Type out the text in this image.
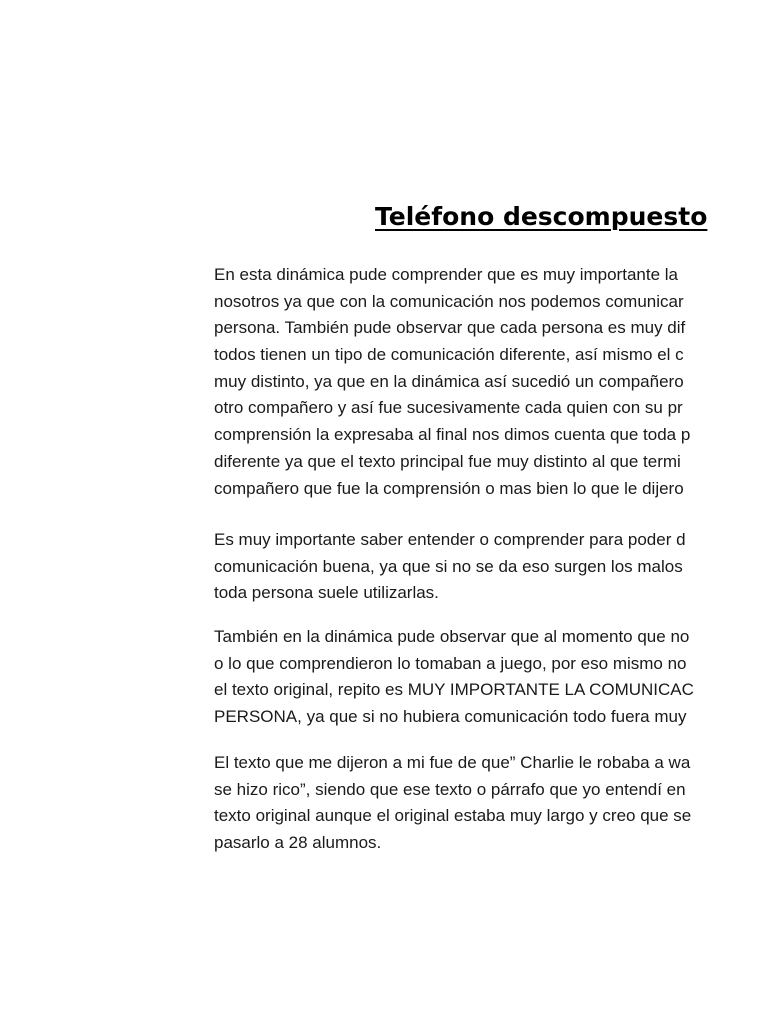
Teléfono descompuesto
En esta dinámica pude comprender que es muy importante la
nosotros ya que con la comunicación nos podemos comunicar
persona. También pude observar que cada persona es muy dif
todos tienen un tipo de comunicación diferente, así mismo el c
muy distinto, ya que en la dinámica así sucedió un compañero
otro compañero y así fue sucesivamente cada quien con su pr
comprensión la expresaba al final nos dimos cuenta que toda p
diferente ya que el texto principal fue muy distinto al que termi
compañero que fue la comprensión o mas bien lo que le dijero
Es muy importante saber entender o comprender para poder d
comunicación buena, ya que si no se da eso surgen los malos
toda persona suele utilizarlas.
También en la dinámica pude observar que al momento que no
o lo que comprendieron lo tomaban a juego, por eso mismo no
el texto original, repito es MUY IMPORTANTE LA COMUNICAC
PERSONA, ya que si no hubiera comunicación todo fuera muy
El texto que me dijeron a mi fue de que” Charlie le robaba a wa
se hizo rico”, siendo que ese texto o párrafo que yo entendí en
texto original aunque el original estaba muy largo y creo que se
pasarlo a 28 alumnos.
